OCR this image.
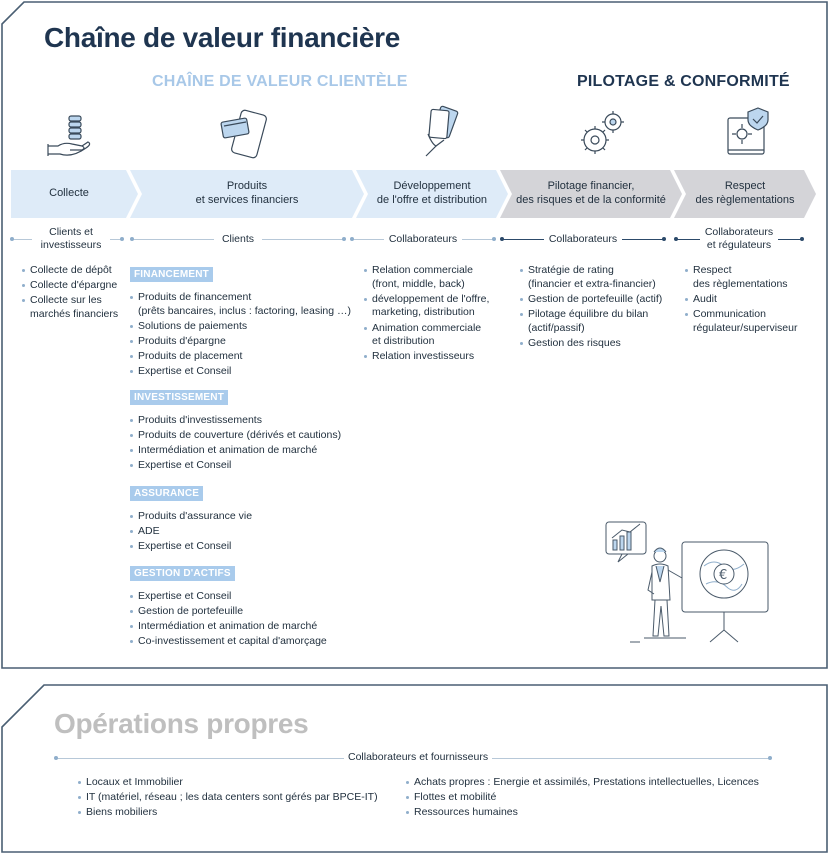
Chaîne de valeur financière
CHAÎNE DE VALEUR CLIENTÈLE	PILOTAGE & CONFORMITÉ
Collecte
Produits
et services financiers
Développement
de l'offre et distribution
Pilotage financier,
des risques et de la conformité
Respect
des règlementations
Clients et
investisseurs	Clients	Collaborateurs	Collaborateurs
Collaborateurs
et régulateurs
Collecte de dépôt
Collecte d'épargne
Collecte sur les
marchés financiers
FINANCEMENT
Produits de financement
(prêts bancaires, inclus : factoring, leasing …)
Solutions de paiements
Produits d'épargne
Produits de placement
Expertise et Conseil
INVESTISSEMENT
Produits d'investissements
Produits de couverture (dérivés et cautions)
Intermédiation et animation de marché
Expertise et Conseil
ASSURANCE
Produits d'assurance vie
ADE
Expertise et Conseil
GESTION D'ACTIFS
Expertise et Conseil
Gestion de portefeuille
Intermédiation et animation de marché
Co-investissement et capital d'amorçage
Relation commerciale
(front, middle, back)
développement de l'offre,
marketing, distribution
Animation commerciale
et distribution
Relation investisseurs
Stratégie de rating
(financier et extra-financier)
Gestion de portefeuille (actif)
Pilotage équilibre du bilan
(actif/passif)
Gestion des risques
Respect
des règlementations
Audit
Communication
régulateur/superviseur
€
Opérations propres
Collaborateurs et fournisseurs
Locaux et Immobilier
IT (matériel, réseau ; les data centers sont gérés par BPCE-IT)
Biens mobiliers
Achats propres : Energie et assimilés, Prestations intellectuelles, Licences
Flottes et mobilité
Ressources humaines
